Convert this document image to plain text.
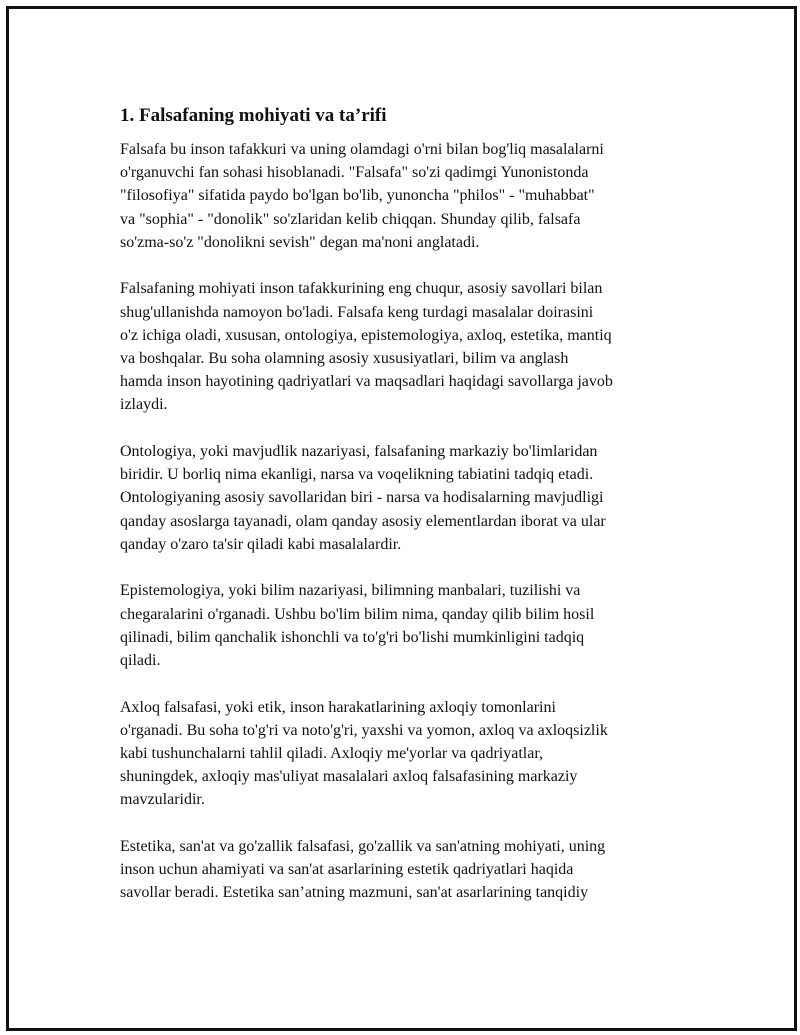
1. Falsafaning mohiyati va ta’rifi

Falsafa bu inson tafakkuri va uning olamdagi o'rni bilan bog'liq masalalarni
o'rganuvchi fan sohasi hisoblanadi. "Falsafa" so'zi qadimgi Yunonistonda
"filosofiya" sifatida paydo bo'lgan bo'lib, yunoncha "philos" - "muhabbat"
va "sophia" - "donolik" so'zlaridan kelib chiqqan. Shunday qilib, falsafa
so'zma-so'z "donolikni sevish" degan ma'noni anglatadi.

Falsafaning mohiyati inson tafakkurining eng chuqur, asosiy savollari bilan
shug'ullanishda namoyon bo'ladi. Falsafa keng turdagi masalalar doirasini
o'z ichiga oladi, xususan, ontologiya, epistemologiya, axloq, estetika, mantiq
va boshqalar. Bu soha olamning asosiy xususiyatlari, bilim va anglash
hamda inson hayotining qadriyatlari va maqsadlari haqidagi savollarga javob
izlaydi.

Ontologiya, yoki mavjudlik nazariyasi, falsafaning markaziy bo'limlaridan
biridir. U borliq nima ekanligi, narsa va voqelikning tabiatini tadqiq etadi.
Ontologiyaning asosiy savollaridan biri - narsa va hodisalarning mavjudligi
qanday asoslarga tayanadi, olam qanday asosiy elementlardan iborat va ular
qanday o'zaro ta'sir qiladi kabi masalalardir.

Epistemologiya, yoki bilim nazariyasi, bilimning manbalari, tuzilishi va
chegaralarini o'rganadi. Ushbu bo'lim bilim nima, qanday qilib bilim hosil
qilinadi, bilim qanchalik ishonchli va to'g'ri bo'lishi mumkinligini tadqiq
qiladi.

Axloq falsafasi, yoki etik, inson harakatlarining axloqiy tomonlarini
o'rganadi. Bu soha to'g'ri va noto'g'ri, yaxshi va yomon, axloq va axloqsizlik
kabi tushunchalarni tahlil qiladi. Axloqiy me'yorlar va qadriyatlar,
shuningdek, axloqiy mas'uliyat masalalari axloq falsafasining markaziy
mavzularidir.

Estetika, san'at va go'zallik falsafasi, go'zallik va san'atning mohiyati, uning
inson uchun ahamiyati va san'at asarlarining estetik qadriyatlari haqida
savollar beradi. Estetika san’atning mazmuni, san'at asarlarining tanqidiy
